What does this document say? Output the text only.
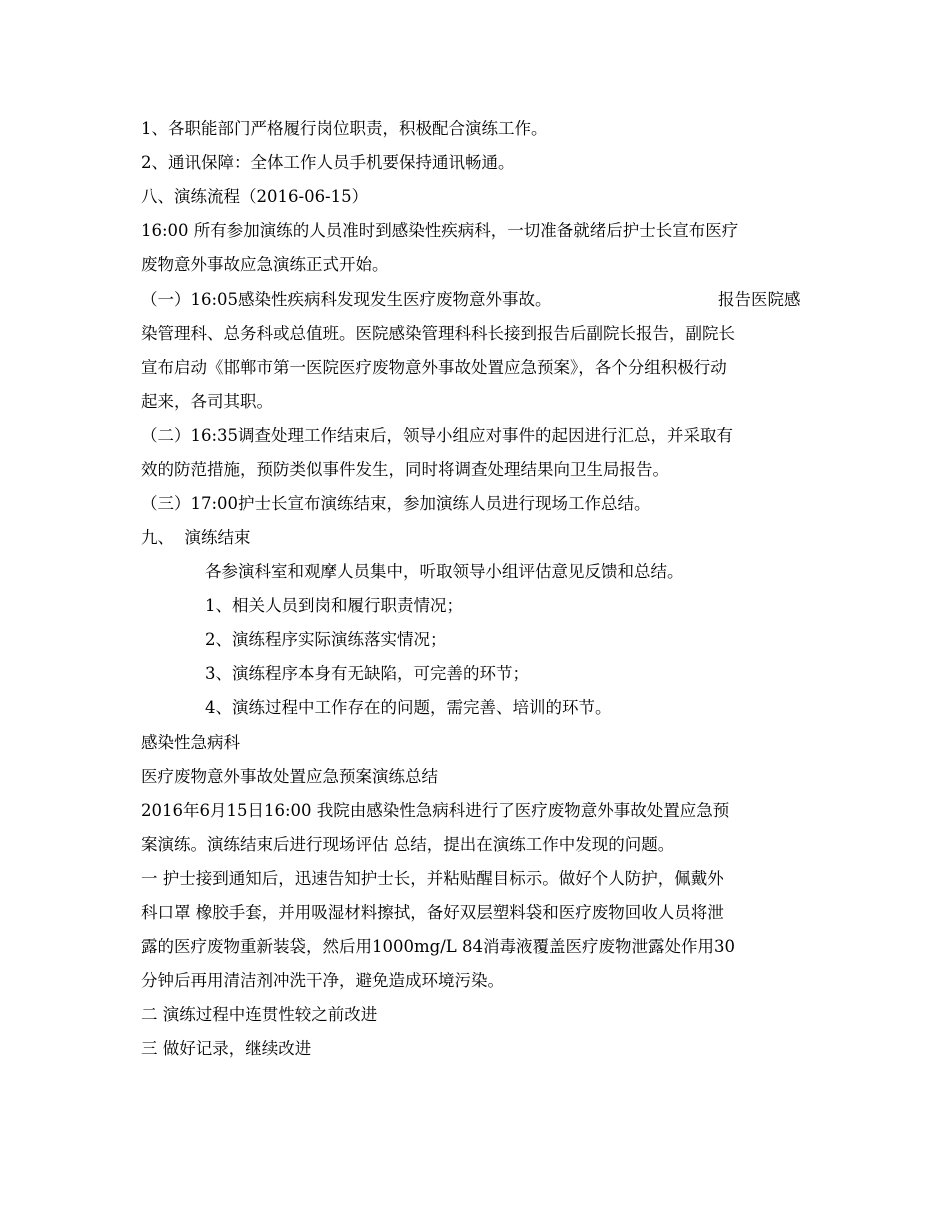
1、各职能部门严格履行岗位职责，积极配合演练工作。
2、通讯保障：全体工作人员手机要保持通讯畅通。
八、演练流程（2016-06-15）
16:00 所有参加演练的人员准时到感染性疾病科，一切准备就绪后护士长宣布医疗
废物意外事故应急演练正式开始。
（一）16:05感染性疾病科发现发生医疗废物意外事故。	报告医院感
染管理科、总务科或总值班。医院感染管理科科长接到报告后副院长报告，副院长
宣布启动《邯郸市第一医院医疗废物意外事故处置应急预案》，各个分组积极行动
起来，各司其职。
（二）16:35调查处理工作结束后，领导小组应对事件的起因进行汇总，并采取有
效的防范措施，预防类似事件发生，同时将调查处理结果向卫生局报告。
（三）17:00护士长宣布演练结束，参加演练人员进行现场工作总结。
九、  演练结束
各参演科室和观摩人员集中，听取领导小组评估意见反馈和总结。
1、相关人员到岗和履行职责情况；
2、演练程序实际演练落实情况；
3、演练程序本身有无缺陷，可完善的环节；
4、演练过程中工作存在的问题，需完善、培训的环节。
感染性急病科
医疗废物意外事故处置应急预案演练总结
2016年6月15日16:00 我院由感染性急病科进行了医疗废物意外事故处置应急预
案演练。演练结束后进行现场评估 总结，提出在演练工作中发现的问题。
一 护士接到通知后，迅速告知护士长，并粘贴醒目标示。做好个人防护，佩戴外
科口罩 橡胶手套，并用吸湿材料擦拭，备好双层塑料袋和医疗废物回收人员将泄
露的医疗废物重新装袋，然后用1000mg/L 84消毒液覆盖医疗废物泄露处作用30
分钟后再用清洁剂冲洗干净，避免造成环境污染。
二 演练过程中连贯性较之前改进
三 做好记录，继续改进
